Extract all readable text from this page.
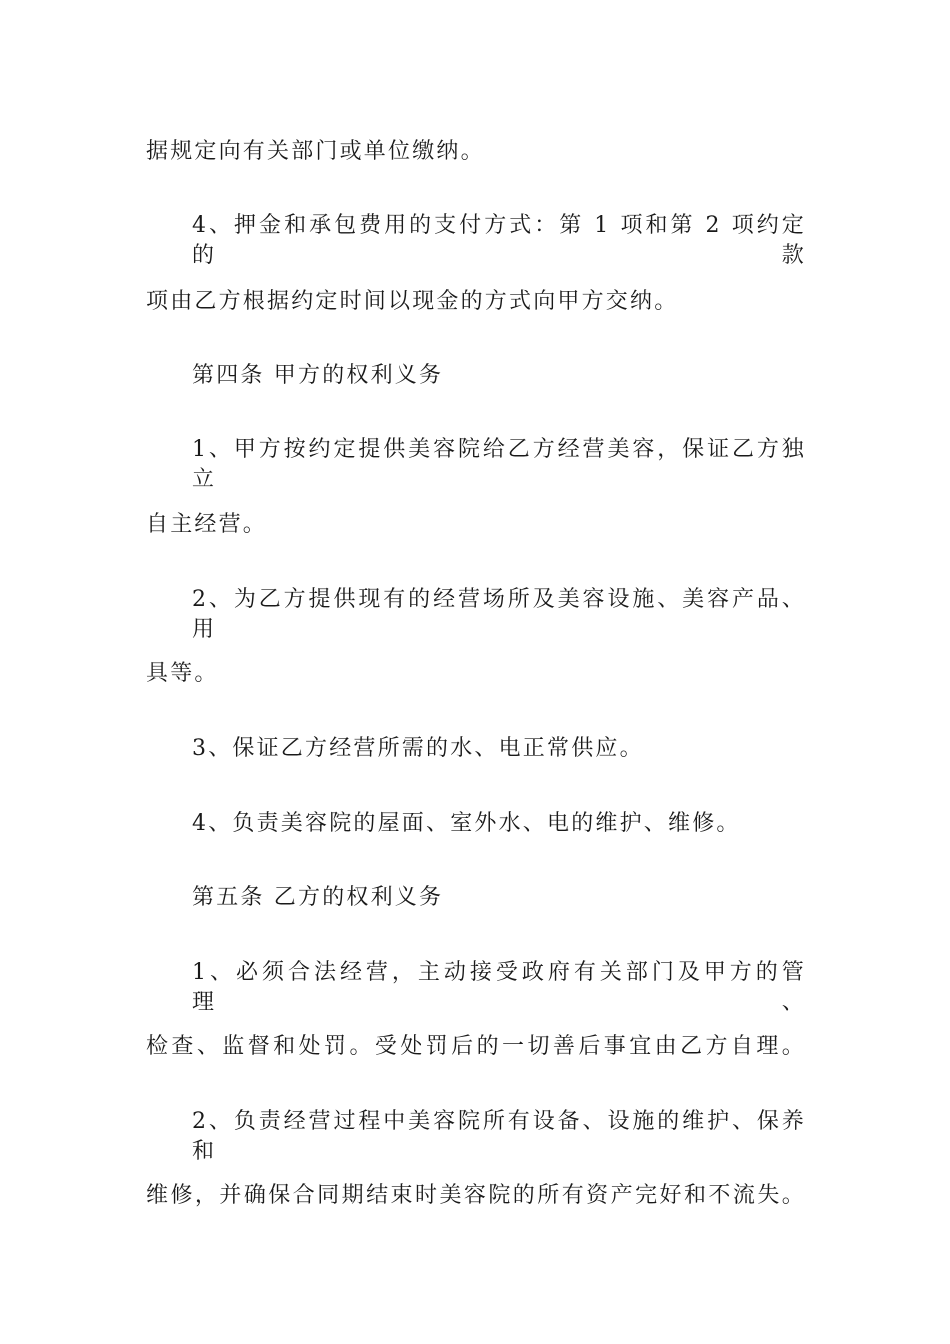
据规定向有关部门或单位缴纳。
4、押金和承包费用的支付方式：第 1 项和第 2 项约定的款
项由乙方根据约定时间以现金的方式向甲方交纳。
第四条 甲方的权利义务
1、甲方按约定提供美容院给乙方经营美容，保证乙方独立
自主经营。
2、为乙方提供现有的经营场所及美容设施、美容产品、用
具等。
3、保证乙方经营所需的水、电正常供应。
4、负责美容院的屋面、室外水、电的维护、维修。
第五条 乙方的权利义务
1、必须合法经营，主动接受政府有关部门及甲方的管理、
检查、监督和处罚。受处罚后的一切善后事宜由乙方自理。
2、负责经营过程中美容院所有设备、设施的维护、保养和
维修，并确保合同期结束时美容院的所有资产完好和不流失。
